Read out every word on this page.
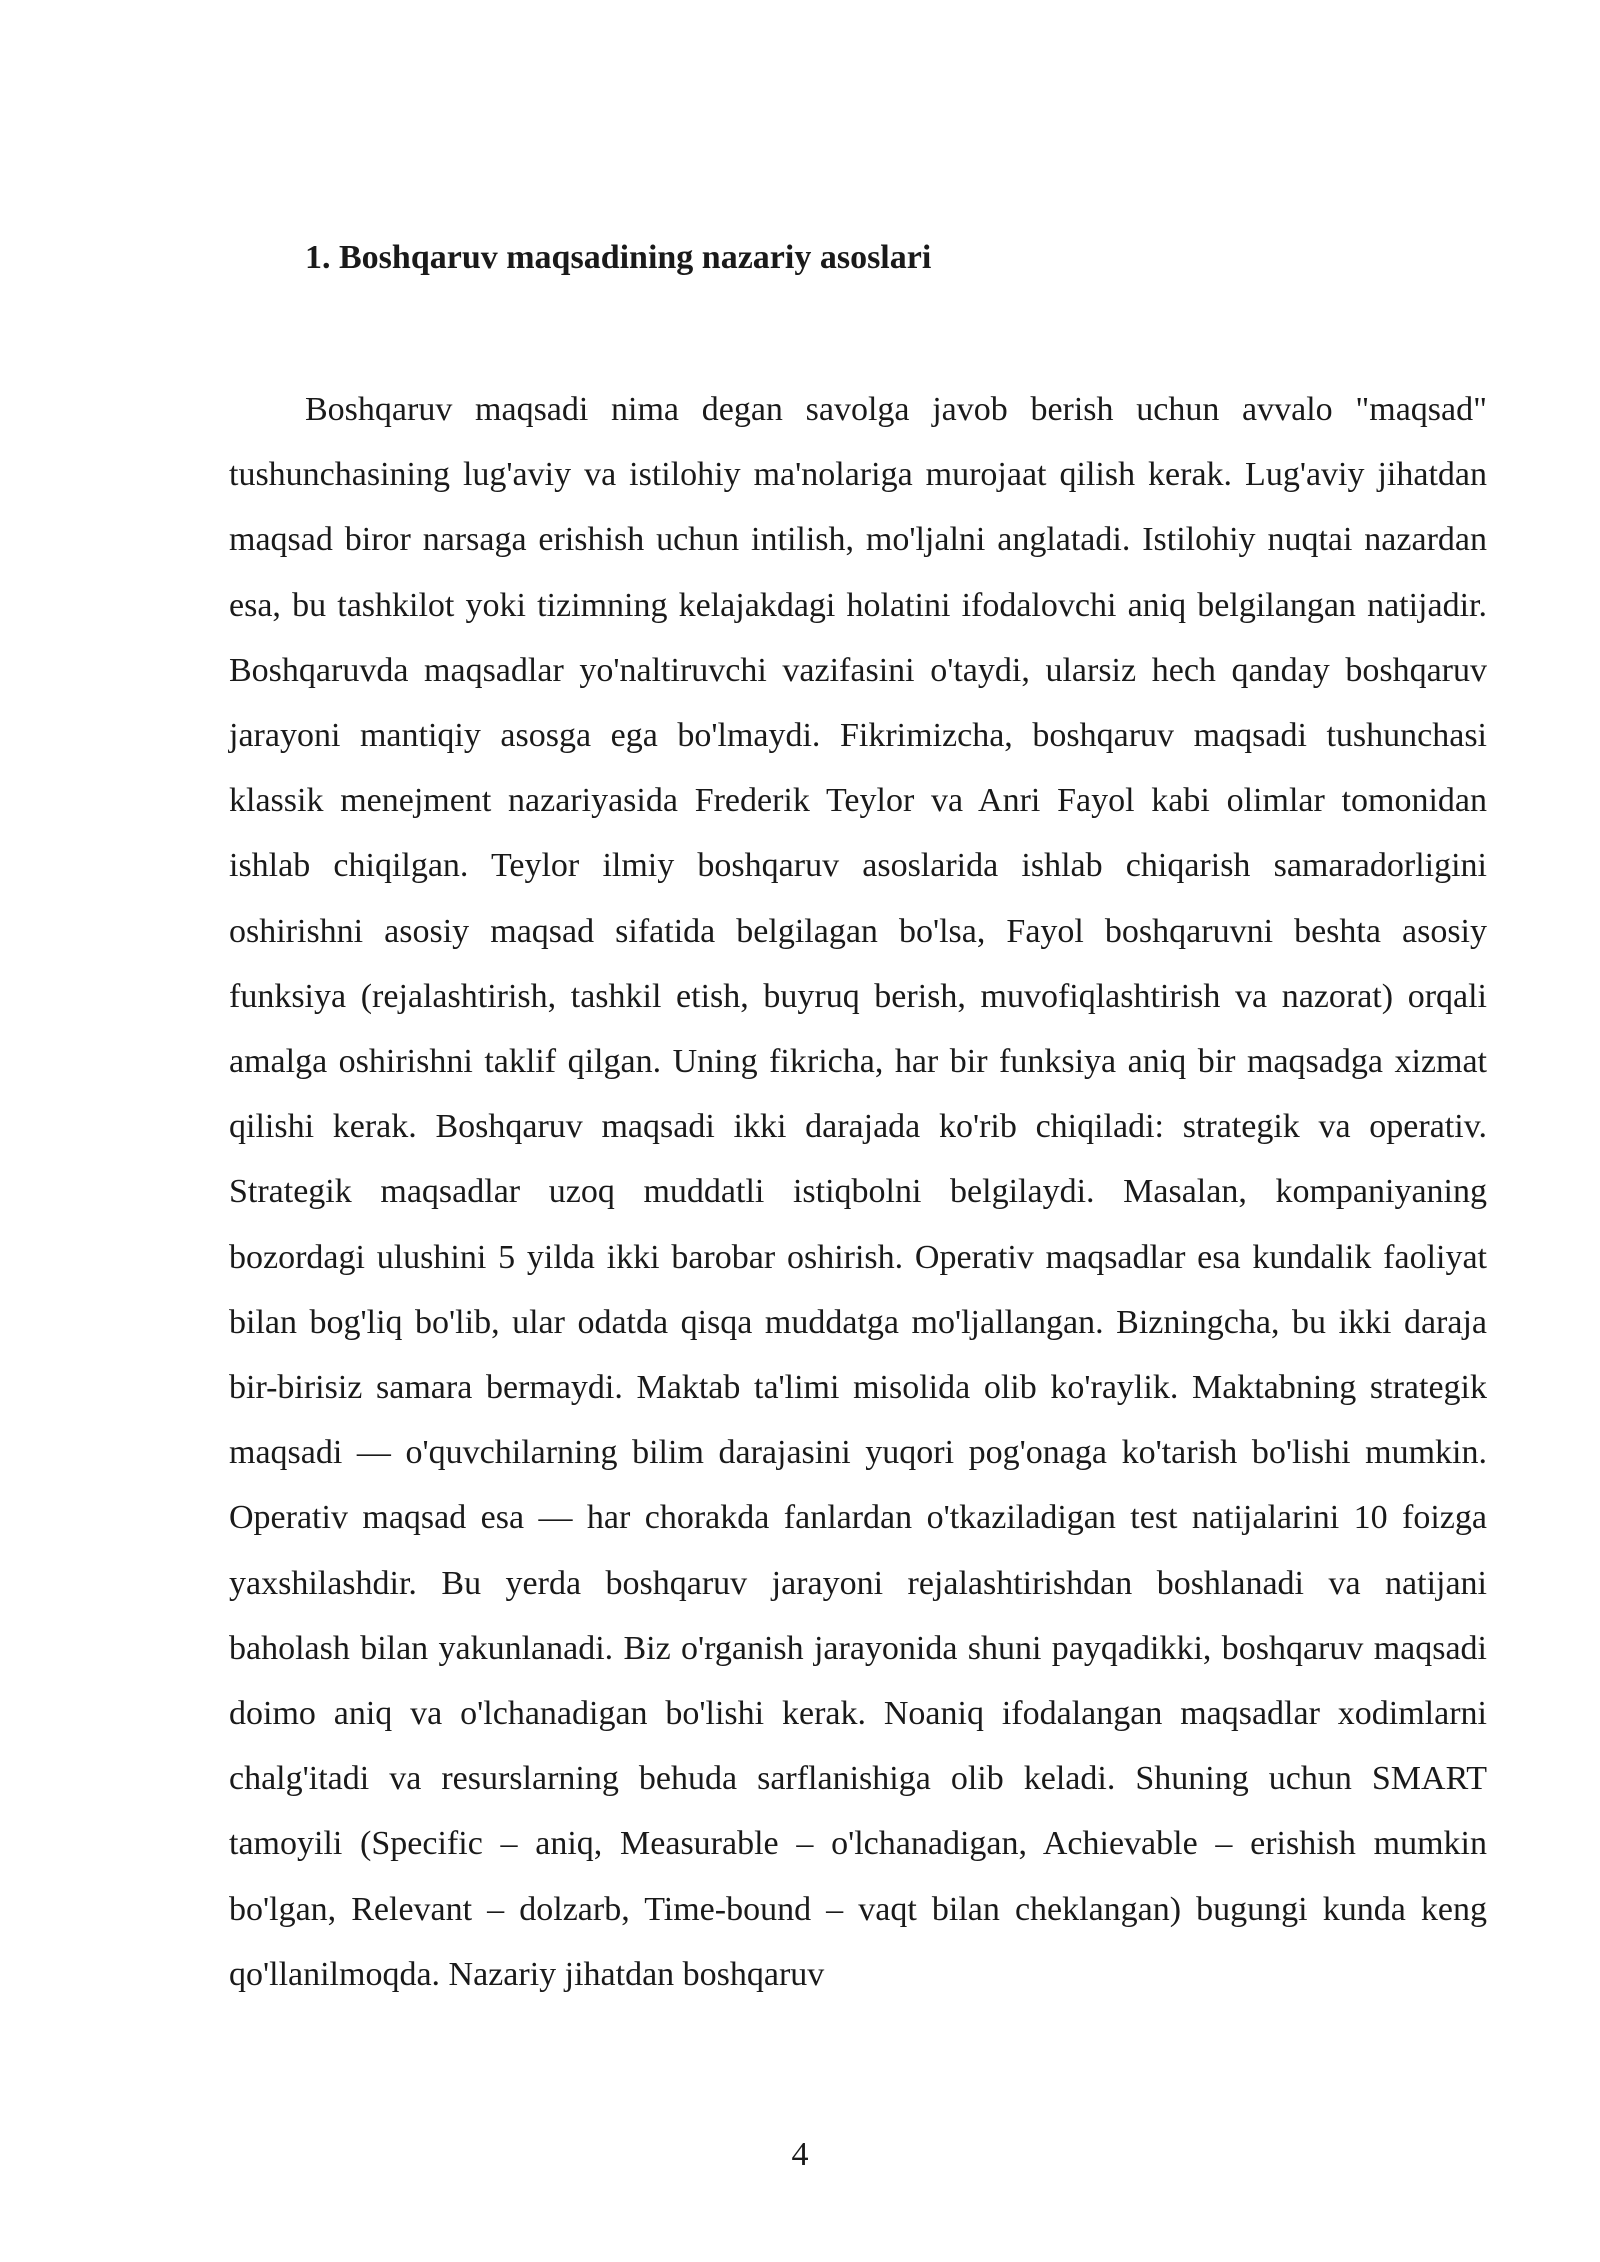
1. Boshqaruv maqsadining nazariy asoslari

Boshqaruv maqsadi nima degan savolga javob berish uchun avvalo "maqsad" tushunchasining lug'aviy va istilohiy ma'nolariga murojaat qilish kerak. Lug'aviy jihatdan maqsad biror narsaga erishish uchun intilish, mo'ljalni anglatadi. Istilohiy nuqtai nazardan esa, bu tashkilot yoki tizimning kelajakdagi holatini ifodalovchi aniq belgilangan natijadir. Boshqaruvda maqsadlar yo'naltiruvchi vazifasini o'taydi, ularsiz hech qanday boshqaruv jarayoni mantiqiy asosga ega bo'lmaydi. Fikrimizcha, boshqaruv maqsadi tushunchasi klassik menejment nazariyasida Frederik Teylor va Anri Fayol kabi olimlar tomonidan ishlab chiqilgan. Teylor ilmiy boshqaruv asoslarida ishlab chiqarish samaradorligini oshirishni asosiy maqsad sifatida belgilagan bo'lsa, Fayol boshqaruvni beshta asosiy funksiya (rejalashtirish, tashkil etish, buyruq berish, muvofiqlashtirish va nazorat) orqali amalga oshirishni taklif qilgan. Uning fikricha, har bir funksiya aniq bir maqsadga xizmat qilishi kerak. Boshqaruv maqsadi ikki darajada ko'rib chiqiladi: strategik va operativ. Strategik maqsadlar uzoq muddatli istiqbolni belgilaydi. Masalan, kompaniyaning bozordagi ulushini 5 yilda ikki barobar oshirish. Operativ maqsadlar esa kundalik faoliyat bilan bog'liq bo'lib, ular odatda qisqa muddatga mo'ljallangan. Bizningcha, bu ikki daraja bir-birisiz samara bermaydi. Maktab ta'limi misolida olib ko'raylik. Maktabning strategik maqsadi — o'quvchilarning bilim darajasini yuqori pog'onaga ko'tarish bo'lishi mumkin. Operativ maqsad esa — har chorakda fanlardan o'tkaziladigan test natijalarini 10 foizga yaxshilashdir. Bu yerda boshqaruv jarayoni rejalashtirishdan boshlanadi va natijani baholash bilan yakunlanadi. Biz o'rganish jarayonida shuni payqadikki, boshqaruv maqsadi doimo aniq va o'lchanadigan bo'lishi kerak. Noaniq ifodalangan maqsadlar xodimlarni chalg'itadi va resurslarning behuda sarflanishiga olib keladi. Shuning uchun SMART tamoyili (Specific – aniq, Measurable – o'lchanadigan, Achievable – erishish mumkin bo'lgan, Relevant – dolzarb, Time-bound – vaqt bilan cheklangan) bugungi kunda keng qo'llanilmoqda. Nazariy jihatdan boshqaruv

4
